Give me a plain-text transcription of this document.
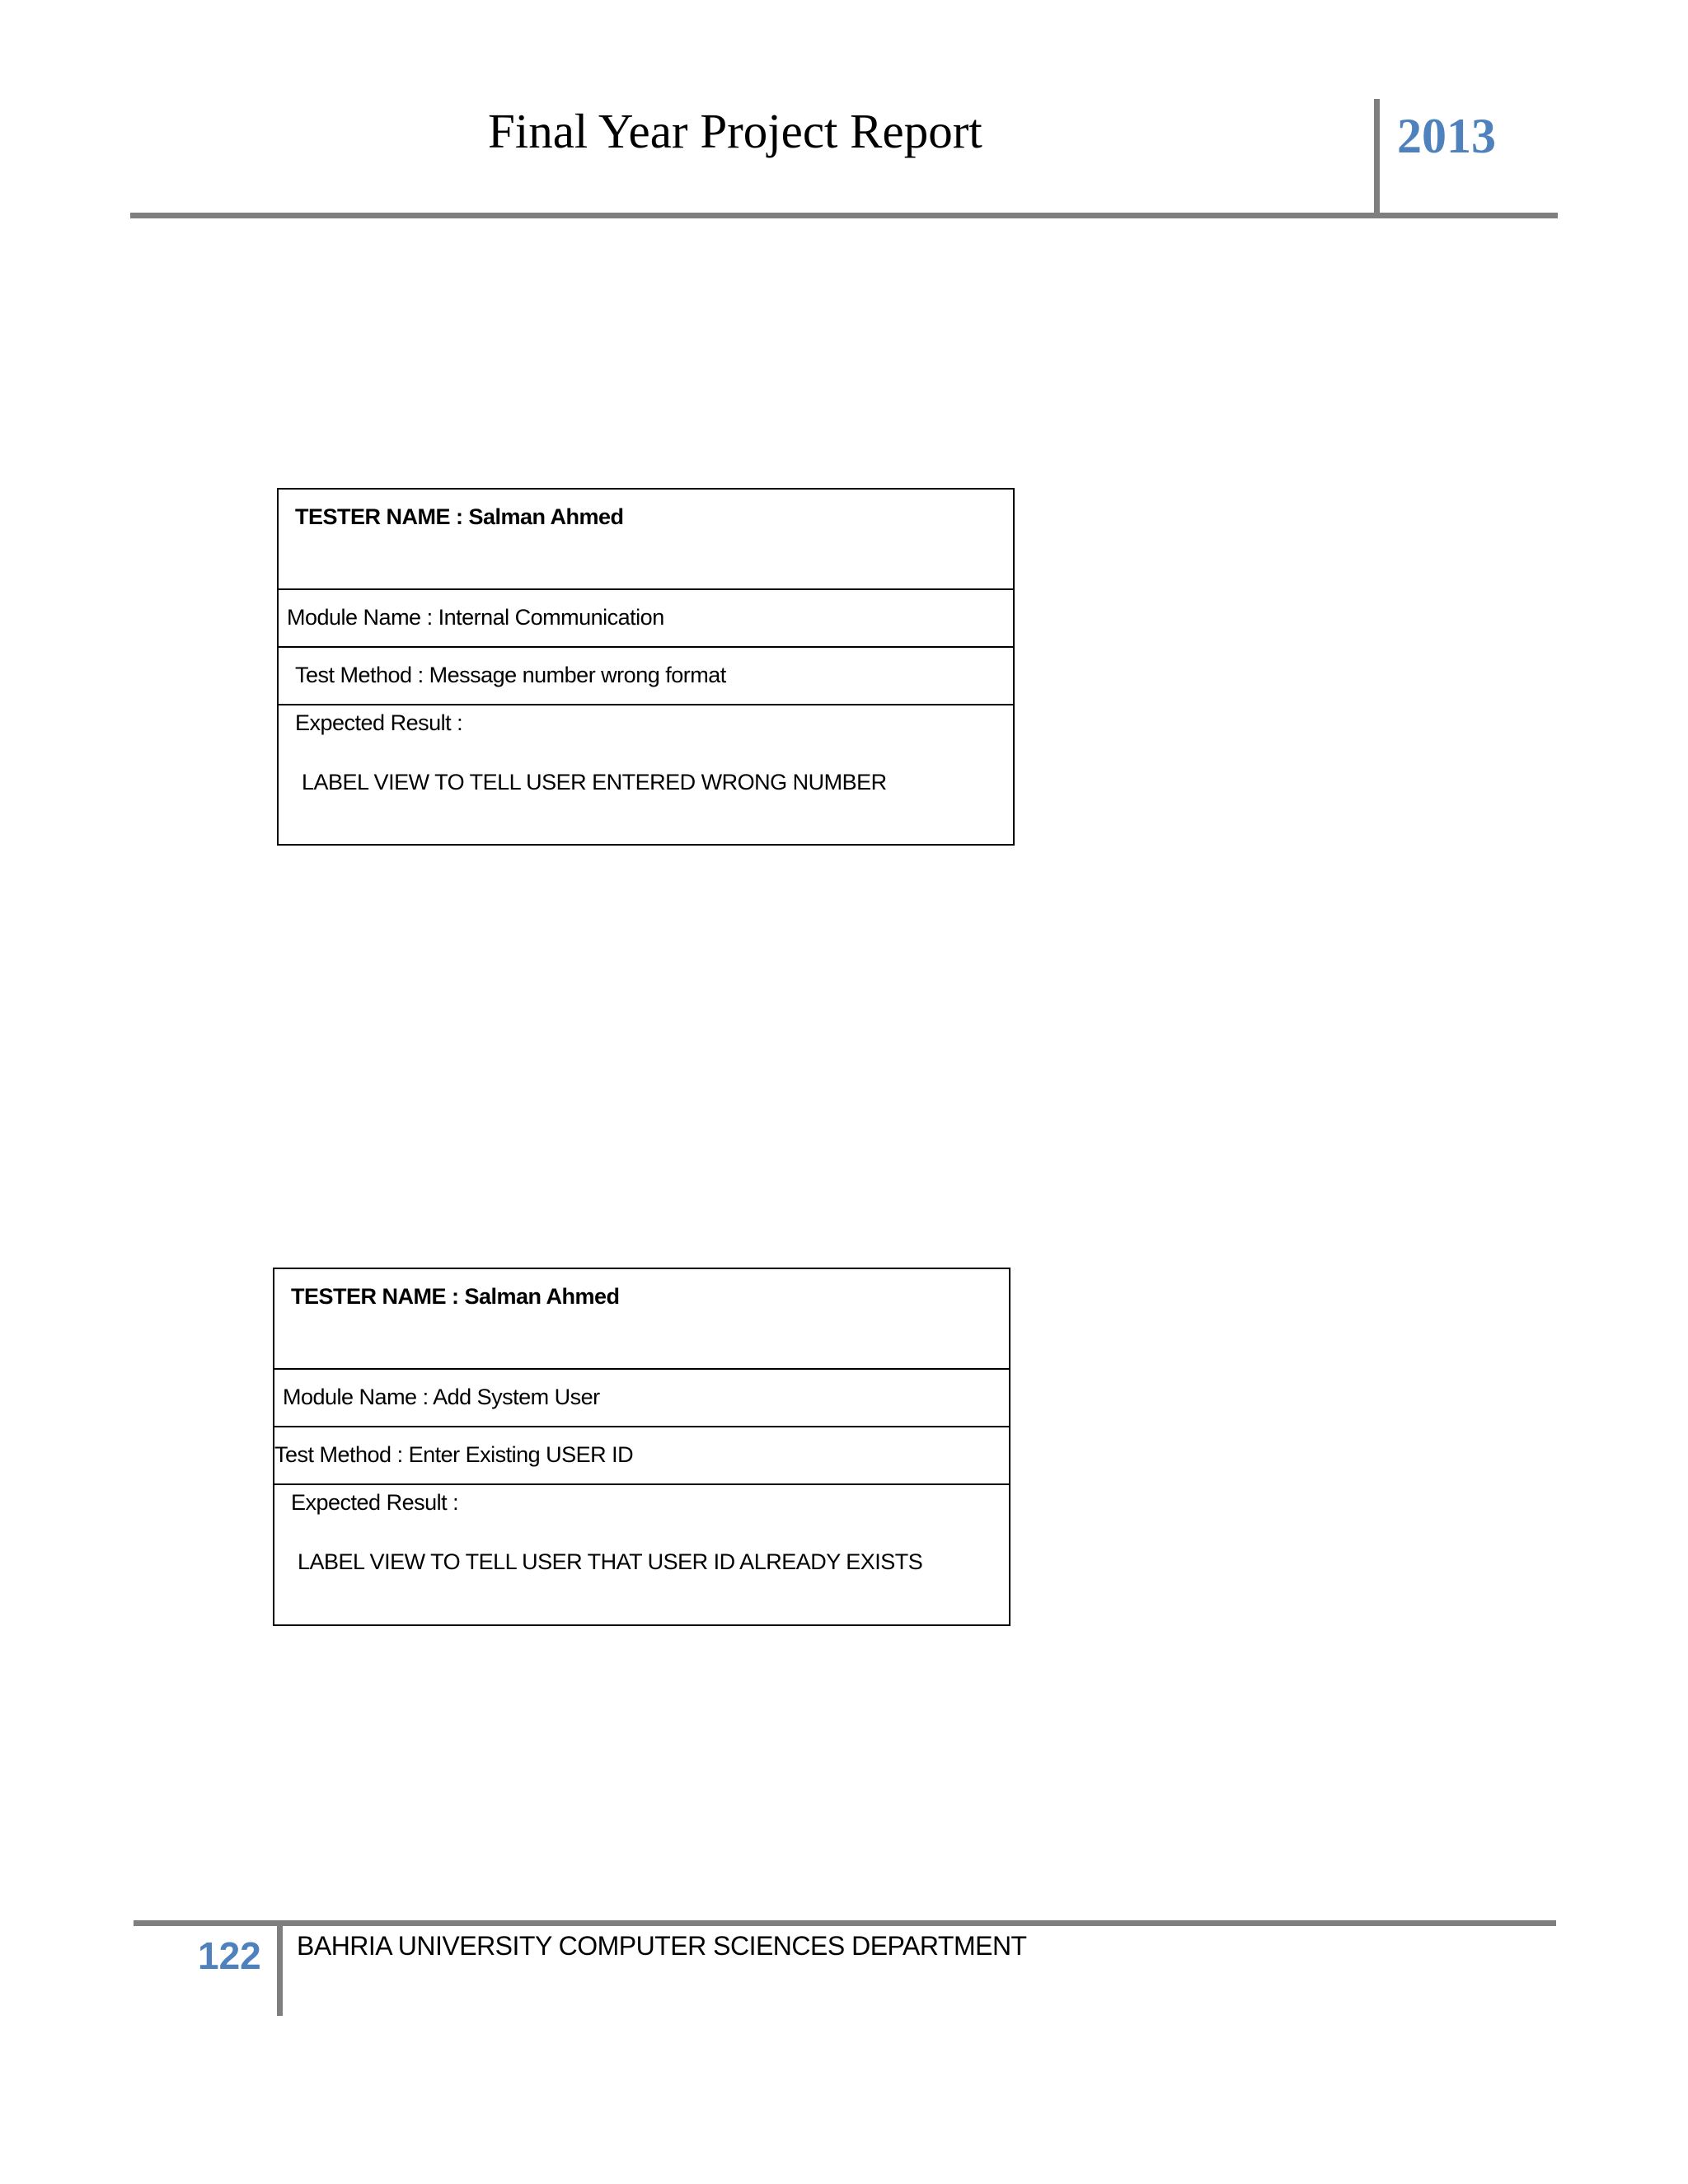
Final Year Project Report	2013
TESTER NAME : Salman Ahmed
Module Name : Internal Communication
Test Method : Message number wrong format
Expected Result :
LABEL VIEW TO TELL USER ENTERED WRONG NUMBER
TESTER NAME : Salman Ahmed
Module Name : Add System User
Test Method : Enter Existing USER ID
Expected Result :
LABEL VIEW TO TELL USER THAT USER ID ALREADY EXISTS
122 BAHRIA UNIVERSITY COMPUTER SCIENCES DEPARTMENT
